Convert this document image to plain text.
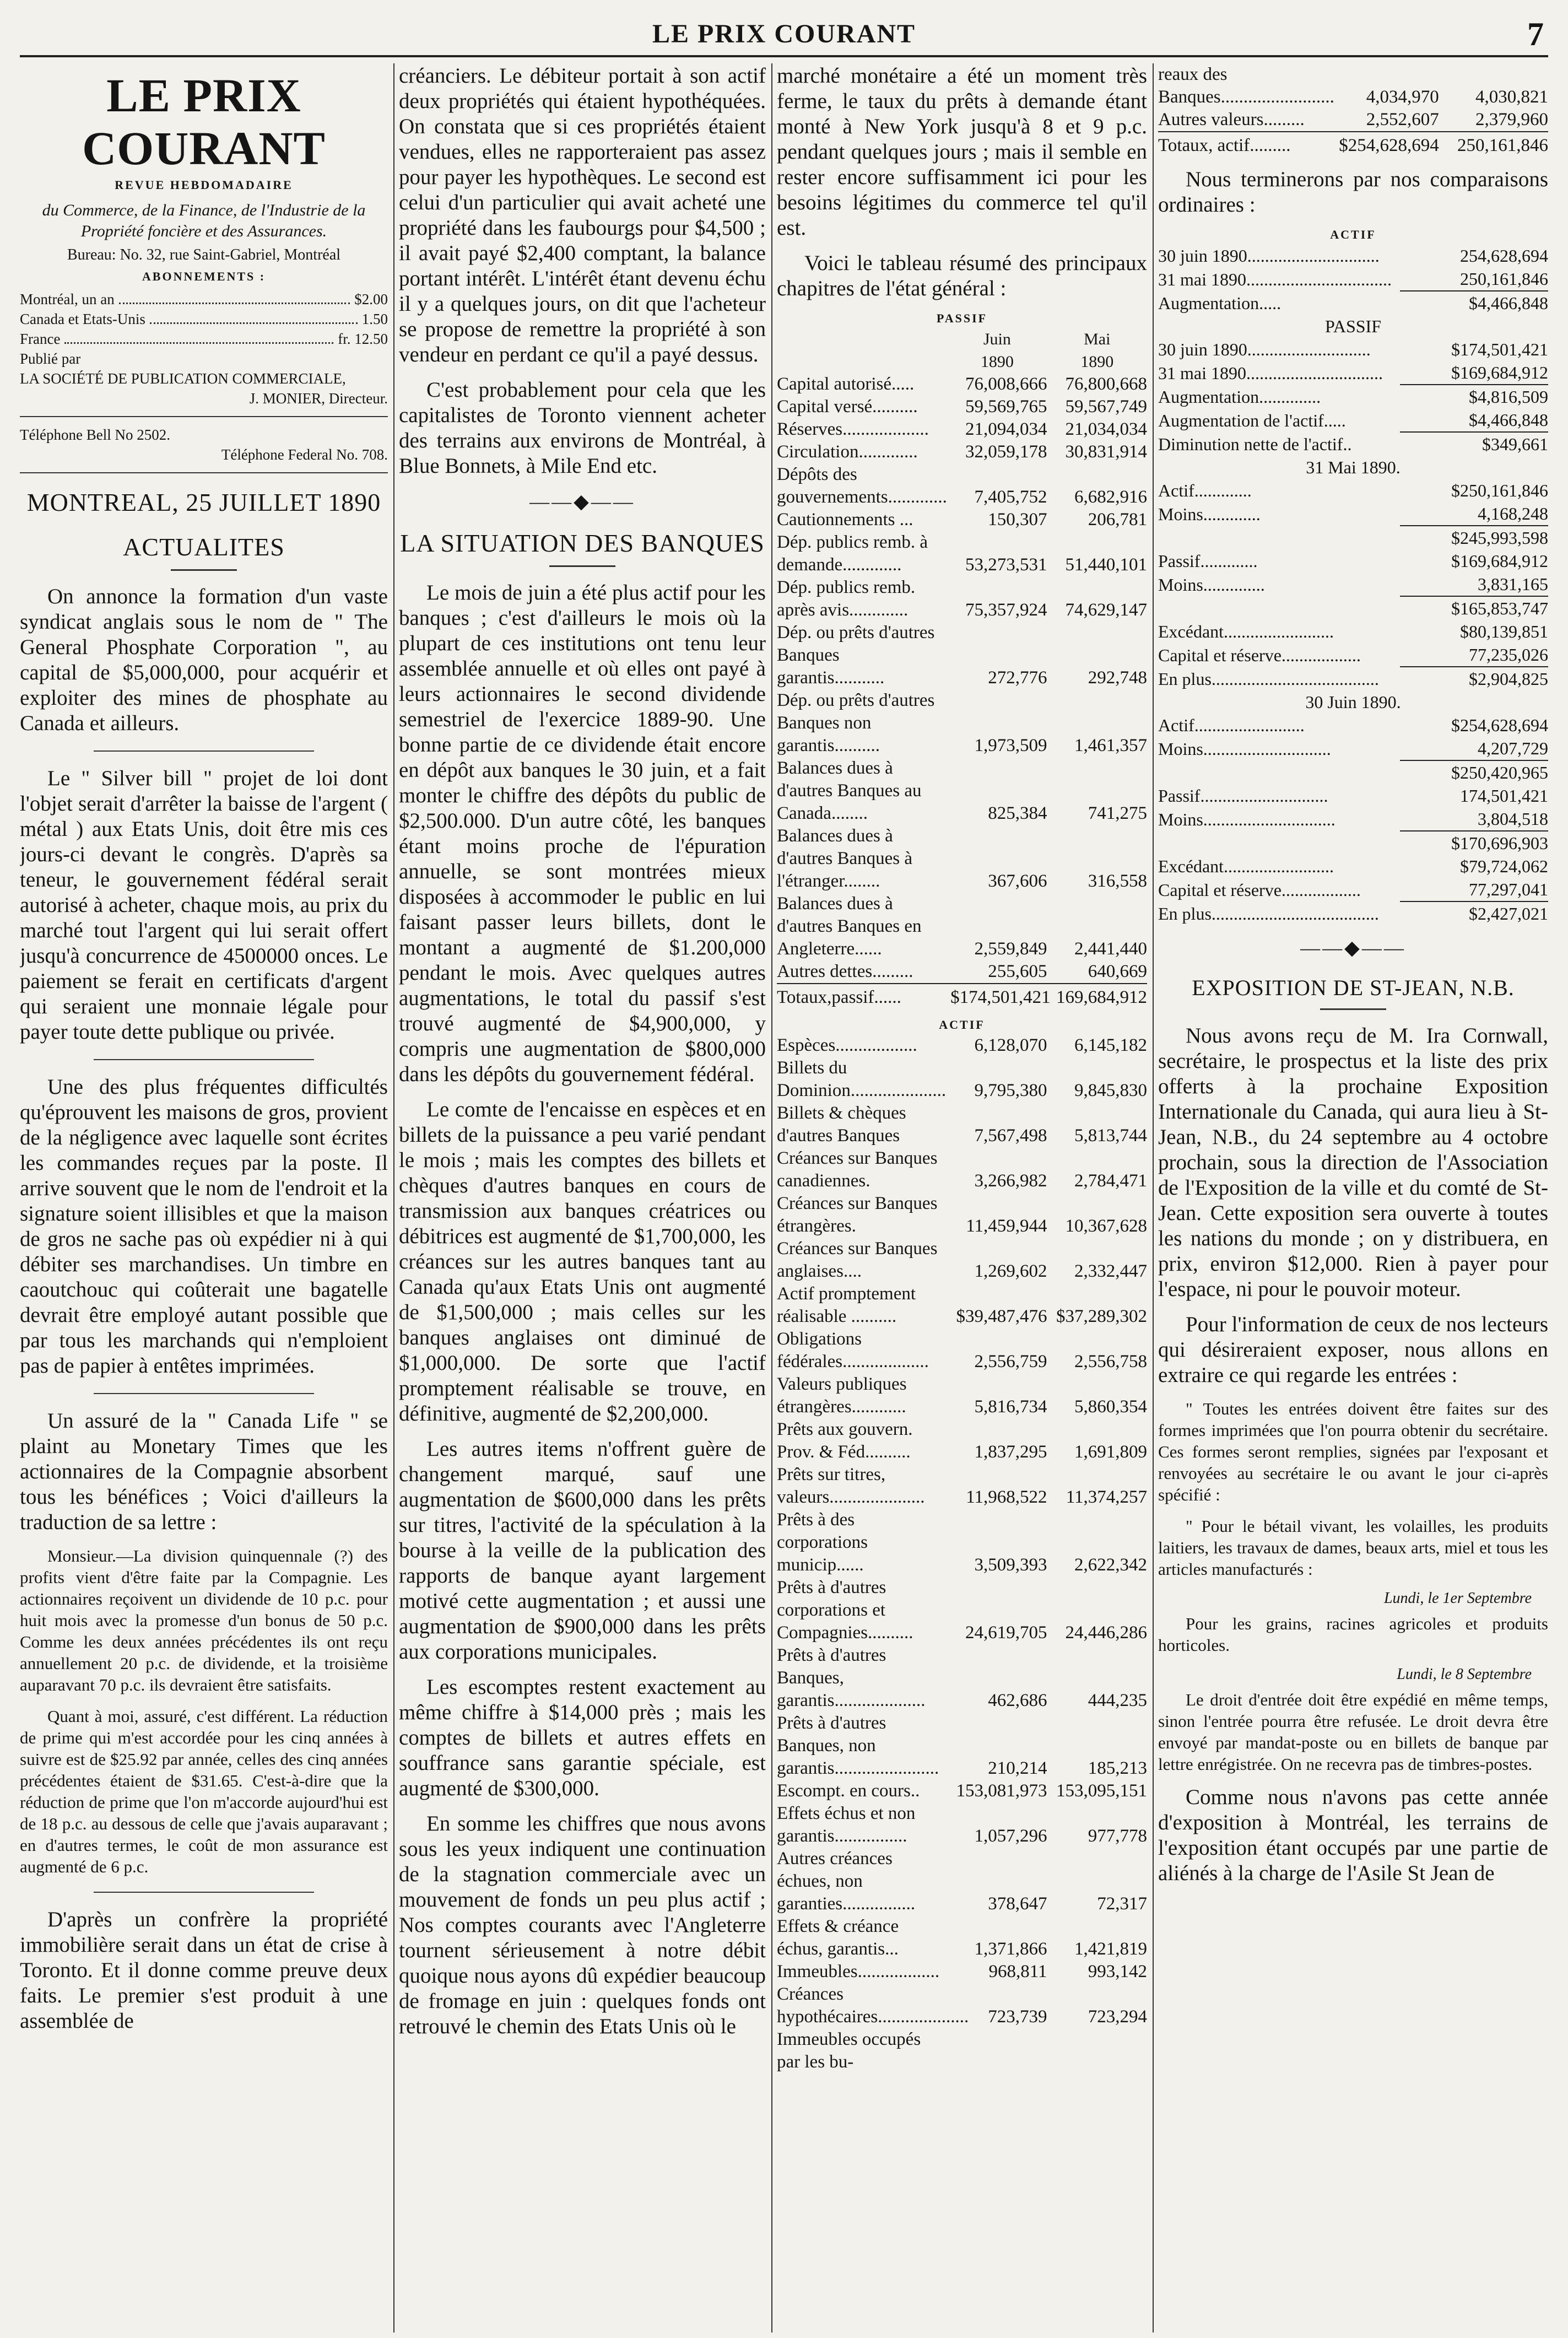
LE PRIX COURANT	7
LE PRIX COURANT
REVUE HEBDOMADAIRE
du Commerce, de la Finance, de l'Industrie de la Propriété foncière et des Assurances.
Bureau: No. 32, rue Saint-Gabriel, Montréal
ABONNEMENTS :
Montréal, un an	$2.00
Canada et Etats-Unis	1.50
France	fr. 12.50
Publié par
LA SOCIÉTÉ DE PUBLICATION COMMERCIALE,
J. MONIER, Directeur.
Téléphone Bell No 2502.
Téléphone Federal No. 708.
MONTREAL, 25 JUILLET 1890
ACTUALITES

On annonce la formation d'un vaste syndicat anglais sous le nom de " The General Phosphate Corporation ", au capital de $5,000,000, pour acquérir et exploiter des mines de phosphate au Canada et ailleurs.

Le " Silver bill " projet de loi dont l'objet serait d'arrêter la baisse de l'argent ( métal ) aux Etats Unis, doit être mis ces jours-ci devant le congrès. D'après sa teneur, le gouvernement fédéral serait autorisé à acheter, chaque mois, au prix du marché tout l'argent qui lui serait offert jusqu'à concurrence de 4500000 onces. Le paiement se ferait en certificats d'argent qui seraient une monnaie légale pour payer toute dette publique ou privée.

Une des plus fréquentes difficultés qu'éprouvent les maisons de gros, provient de la négligence avec laquelle sont écrites les commandes reçues par la poste. Il arrive souvent que le nom de l'endroit et la signature soient illisibles et que la maison de gros ne sache pas où expédier ni à qui débiter ses marchandises. Un timbre en caoutchouc qui coûterait une bagatelle devrait être employé autant possible que par tous les marchands qui n'emploient pas de papier à entêtes imprimées.

Un assuré de la " Canada Life " se plaint au Monetary Times que les actionnaires de la Compagnie absorbent tous les bénéfices ; Voici d'ailleurs la traduction de sa lettre :

Monsieur.—La division quinquennale (?) des profits vient d'être faite par la Compagnie. Les actionnaires reçoivent un dividende de 10 p.c. pour huit mois avec la promesse d'un bonus de 50 p.c. Comme les deux années précédentes ils ont reçu annuellement 20 p.c. de dividende, et la troisième auparavant 70 p.c. ils devraient être satisfaits.

Quant à moi, assuré, c'est différent. La réduction de prime qui m'est accordée pour les cinq années à suivre est de $25.92 par année, celles des cinq années précédentes étaient de $31.65. C'est-à-dire que la réduction de prime que l'on m'accorde aujourd'hui est de 18 p.c. au dessous de celle que j'avais auparavant ; en d'autres termes, le coût de mon assurance est augmenté de 6 p.c.

D'après un confrère la propriété immobilière serait dans un état de crise à Toronto. Et il donne comme preuve deux faits. Le premier s'est produit à une assemblée de

créanciers. Le débiteur portait à son actif deux propriétés qui étaient hypothéquées. On constata que si ces propriétés étaient vendues, elles ne rapporteraient pas assez pour payer les hypothèques. Le second est celui d'un particulier qui avait acheté une propriété dans les faubourgs pour $4,500 ; il avait payé $2,400 comptant, la balance portant intérêt. L'intérêt étant devenu échu il y a quelques jours, on dit que l'acheteur se propose de remettre la propriété à son vendeur en perdant ce qu'il a payé dessus.

C'est probablement pour cela que les capitalistes de Toronto viennent acheter des terrains aux environs de Montréal, à Blue Bonnets, à Mile End etc.

——◆——
LA SITUATION DES BANQUES

Le mois de juin a été plus actif pour les banques ; c'est d'ailleurs le mois où la plupart de ces institutions ont tenu leur assemblée annuelle et où elles ont payé à leurs actionnaires le second dividende semestriel de l'exercice 1889-90. Une bonne partie de ce dividende était encore en dépôt aux banques le 30 juin, et a fait monter le chiffre des dépôts du public de $2,500.000. D'un autre côté, les banques étant moins proche de l'épuration annuelle, se sont montrées mieux disposées à accommoder le public en lui faisant passer leurs billets, dont le montant a augmenté de $1.200,000 pendant le mois. Avec quelques autres augmentations, le total du passif s'est trouvé augmenté de $4,900,000, y compris une augmentation de $800,000 dans les dépôts du gouvernement fédéral.

Le comte de l'encaisse en espèces et en billets de la puissance a peu varié pendant le mois ; mais les comptes des billets et chèques d'autres banques en cours de transmission aux banques créatrices ou débitrices est augmenté de $1,700,000, les créances sur les autres banques tant au Canada qu'aux Etats Unis ont augmenté de $1,500,000 ; mais celles sur les banques anglaises ont diminué de $1,000,000. De sorte que l'actif promptement réalisable se trouve, en définitive, augmenté de $2,200,000.

Les autres items n'offrent guère de changement marqué, sauf une augmentation de $600,000 dans les prêts sur titres, l'activité de la spéculation à la bourse à la veille de la publication des rapports de banque ayant largement motivé cette augmentation ; et aussi une augmentation de $900,000 dans les prêts aux corporations municipales.

Les escomptes restent exactement au même chiffre à $14,000 près ; mais les comptes de billets et autres effets en souffrance sans garantie spéciale, est augmenté de $300,000.

En somme les chiffres que nous avons sous les yeux indiquent une continuation de la stagnation commerciale avec un mouvement de fonds un peu plus actif ; Nos comptes courants avec l'Angleterre tournent sérieusement à notre débit quoique nous ayons dû expédier beaucoup de fromage en juin : quelques fonds ont retrouvé le chemin des Etats Unis où le

marché monétaire a été un moment très ferme, le taux du prêts à demande étant monté à New York jusqu'à 8 et 9 p.c. pendant quelques jours ; mais il semble en rester encore suffisamment ici pour les besoins légitimes du commerce tel qu'il est.

Voici le tableau résumé des principaux chapitres de l'état général :

PASSIF
	Juin	Mai
	1890	1890
Capital autorisé.....	76,008,666	76,800,668
Capital versé..........	59,569,765	59,567,749
Réserves...................	21,094,034	21,034,034
Circulation.............	32,059,178	30,831,914
Dépôts des gouvernements.............	7,405,752	6,682,916
Cautionnements ...	150,307	206,781
Dép. publics remb. à demande.............	53,273,531	51,440,101
Dép. publics remb. après avis.............	75,357,924	74,629,147
Dép. ou prêts d'autres Banques garantis...........	272,776	292,748
Dép. ou prêts d'autres Banques non garantis..........	1,973,509	1,461,357
Balances dues à d'autres Banques au Canada........	825,384	741,275
Balances dues à d'autres Banques à l'étranger........	367,606	316,558
Balances dues à d'autres Banques en Angleterre......	2,559,849	2,441,440
Autres dettes.........	255,605	640,669
Totaux,passif......	$174,501,421	169,684,912
ACTIF
Espèces..................	6,128,070	6,145,182
Billets du Dominion.....................	9,795,380	9,845,830
Billets & chèques d'autres Banques	7,567,498	5,813,744
Créances sur Banques canadiennes.	3,266,982	2,784,471
Créances sur Banques étrangères.	11,459,944	10,367,628
Créances sur Banques anglaises....	1,269,602	2,332,447
Actif promptement réalisable ..........	$39,487,476	$37,289,302
Obligations fédérales...................	2,556,759	2,556,758
Valeurs publiques étrangères............	5,816,734	5,860,354
Prêts aux gouvern. Prov. & Féd..........	1,837,295	1,691,809
Prêts sur titres, valeurs.....................	11,968,522	11,374,257
Prêts à des corporations municip......	3,509,393	2,622,342
Prêts à d'autres corporations et Compagnies..........	24,619,705	24,446,286
Prêts à d'autres Banques, garantis....................	462,686	444,235
Prêts à d'autres Banques, non garantis.......................	210,214	185,213
Escompt. en cours..	153,081,973	153,095,151
Effets échus et non garantis................	1,057,296	977,778
Autres créances échues, non garanties................	378,647	72,317
Effets & créance échus, garantis...	1,371,866	1,421,819
Immeubles..................	968,811	993,142
Créances hypothécaires....................	723,739	723,294
Immeubles occupés par les bu-		
reaux des Banques.........................	4,034,970	4,030,821
Autres valeurs.........	2,552,607	2,379,960
Totaux, actif.........	$254,628,694	250,161,846

Nous terminerons par nos comparaisons ordinaires :

ACTIF
30 juin 1890..............................	254,628,694
31 mai 1890.................................	250,161,846
Augmentation.....	$4,466,848
PASSIF	
30 juin 1890............................	$174,501,421
31 mai 1890...............................	$169,684,912
Augmentation..............	$4,816,509
Augmentation de l'actif.....	$4,466,848
Diminution nette de l'actif..	$349,661
31 Mai 1890.	
Actif.............	$250,161,846
Moins.............	4,168,248
	$245,993,598
Passif.............	$169,684,912
Moins..............	3,831,165
	$165,853,747
Excédant.........................	$80,139,851
Capital et réserve..................	77,235,026
En plus......................................	$2,904,825
30 Juin 1890.	
Actif.........................	$254,628,694
Moins.............................	4,207,729
	$250,420,965
Passif.............................	174,501,421
Moins..............................	3,804,518
	$170,696,903
Excédant.........................	$79,724,062
Capital et réserve..................	77,297,041
En plus......................................	$2,427,021
——◆——
EXPOSITION DE ST-JEAN, N.B.

Nous avons reçu de M. Ira Cornwall, secrétaire, le prospectus et la liste des prix offerts à la prochaine Exposition Internationale du Canada, qui aura lieu à St-Jean, N.B., du 24 septembre au 4 octobre prochain, sous la direction de l'Association de l'Exposition de la ville et du comté de St-Jean. Cette exposition sera ouverte à toutes les nations du monde ; on y distribuera, en prix, environ $12,000. Rien à payer pour l'espace, ni pour le pouvoir moteur.

Pour l'information de ceux de nos lecteurs qui désireraient exposer, nous allons en extraire ce qui regarde les entrées :

" Toutes les entrées doivent être faites sur des formes imprimées que l'on pourra obtenir du secrétaire. Ces formes seront remplies, signées par l'exposant et renvoyées au secrétaire le ou avant le jour ci-après spécifié :

" Pour le bétail vivant, les volailles, les produits laitiers, les travaux de dames, beaux arts, miel et tous les articles manufacturés :

Lundi, le 1er Septembre

Pour les grains, racines agricoles et produits horticoles.

Lundi, le 8 Septembre

Le droit d'entrée doit être expédié en même temps, sinon l'entrée pourra être refusée. Le droit devra être envoyé par mandat-poste ou en billets de banque par lettre enrégistrée. On ne recevra pas de timbres-postes.

Comme nous n'avons pas cette année d'exposition à Montréal, les terrains de l'exposition étant occupés par une partie de aliénés à la charge de l'Asile St Jean de
